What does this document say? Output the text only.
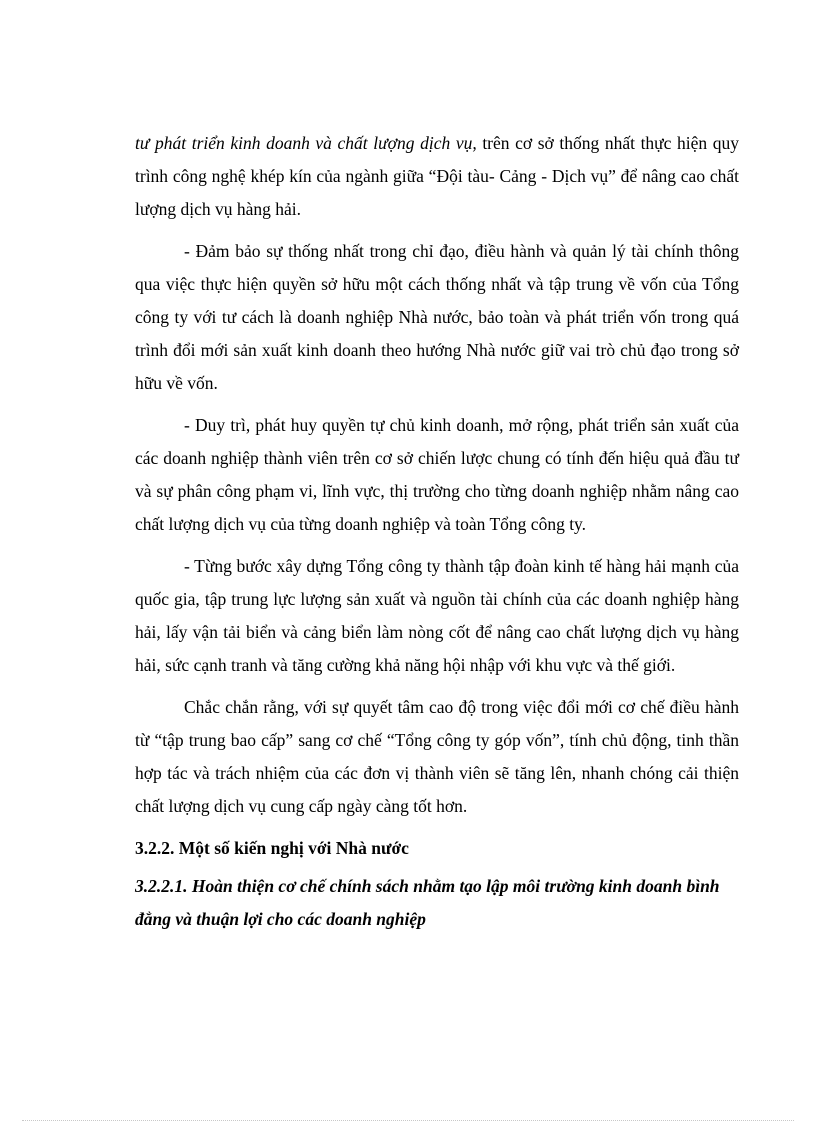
tư phát triển kinh doanh và chất lượng dịch vụ, trên cơ sở thống nhất thực hiện quy trình công nghệ khép kín của ngành giữa “Đội tàu- Cảng - Dịch vụ” để nâng cao chất lượng dịch vụ hàng hải.

- Đảm bảo sự thống nhất trong chỉ đạo, điều hành và quản lý tài chính thông qua việc thực hiện quyền sở hữu một cách thống nhất và tập trung về vốn của Tổng công ty với tư cách là doanh nghiệp Nhà nước, bảo toàn và phát triển vốn trong quá trình đổi mới sản xuất kinh doanh theo hướng Nhà nước giữ vai trò chủ đạo trong sở hữu về vốn.

- Duy trì, phát huy quyền tự chủ kinh doanh, mở rộng, phát triển sản xuất của các doanh nghiệp thành viên trên cơ sở chiến lược chung có tính đến hiệu quả đầu tư và sự phân công phạm vi, lĩnh vực, thị trường cho từng doanh nghiệp nhằm nâng cao chất lượng dịch vụ của từng doanh nghiệp và toàn Tổng công ty.

- Từng bước xây dựng Tổng công ty thành tập đoàn kinh tế hàng hải mạnh của quốc gia, tập trung lực lượng sản xuất và nguồn tài chính của các doanh nghiệp hàng hải, lấy vận tải biển và cảng biển làm nòng cốt để nâng cao chất lượng dịch vụ hàng hải, sức cạnh tranh và tăng cường khả năng hội nhập với khu vực và thế giới.

Chắc chắn rằng, với sự quyết tâm cao độ trong việc đổi mới cơ chế điều hành từ “tập trung bao cấp” sang cơ chế “Tổng công ty góp vốn”, tính chủ động, tinh thần hợp tác và trách nhiệm của các đơn vị thành viên sẽ tăng lên, nhanh chóng cải thiện chất lượng dịch vụ cung cấp ngày càng tốt hơn.

3.2.2. Một số kiến nghị với Nhà nước
3.2.2.1. Hoàn thiện cơ chế chính sách nhằm tạo lập môi trường kinh doanh bình đẳng và thuận lợi cho các doanh nghiệp
